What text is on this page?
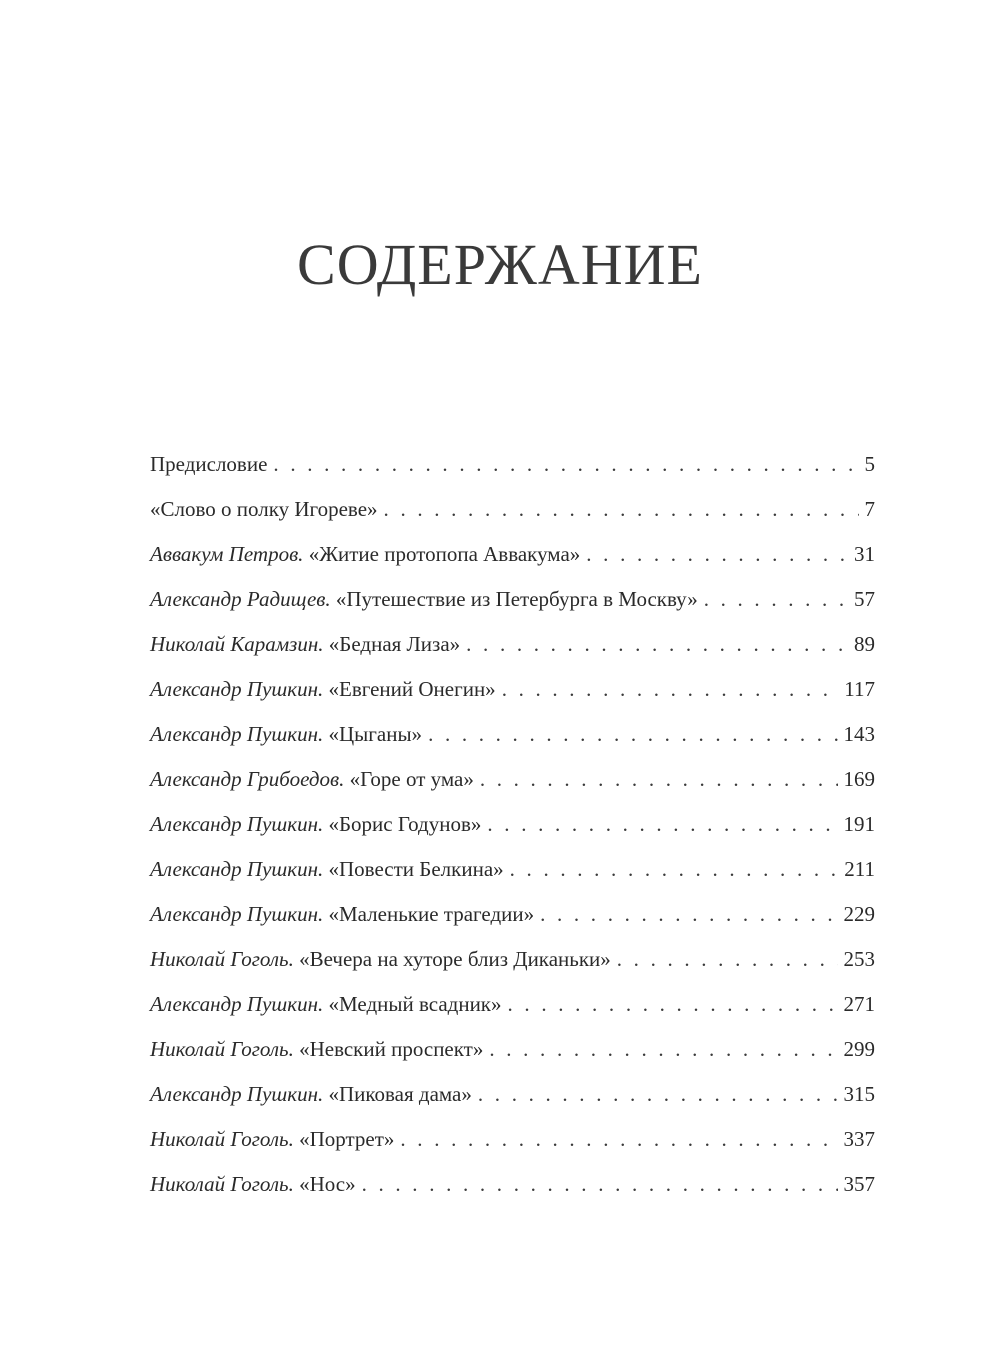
СОДЕРЖАНИЕ
Предисловие . . .	5
«Слово о полку Игореве» . . .	7
Аввакум Петров. «Житие протопопа Аввакума» . . .	31
Александр Радищев. «Путешествие из Петербурга в Москву» . . .	57
Николай Карамзин. «Бедная Лиза» . . .	89
Александр Пушкин. «Евгений Онегин» . . .	117
Александр Пушкин. «Цыганы» . . .	143
Александр Грибоедов. «Горе от ума» . . .	169
Александр Пушкин. «Борис Годунов» . . .	191
Александр Пушкин. «Повести Белкина» . . .	211
Александр Пушкин. «Маленькие трагедии» . . .	229
Николай Гоголь. «Вечера на хуторе близ Диканьки» . . .	253
Александр Пушкин. «Медный всадник» . . .	271
Николай Гоголь. «Невский проспект» . . .	299
Александр Пушкин. «Пиковая дама» . . .	315
Николай Гоголь. «Портрет» . . .	337
Николай Гоголь. «Нос» . . .	357
